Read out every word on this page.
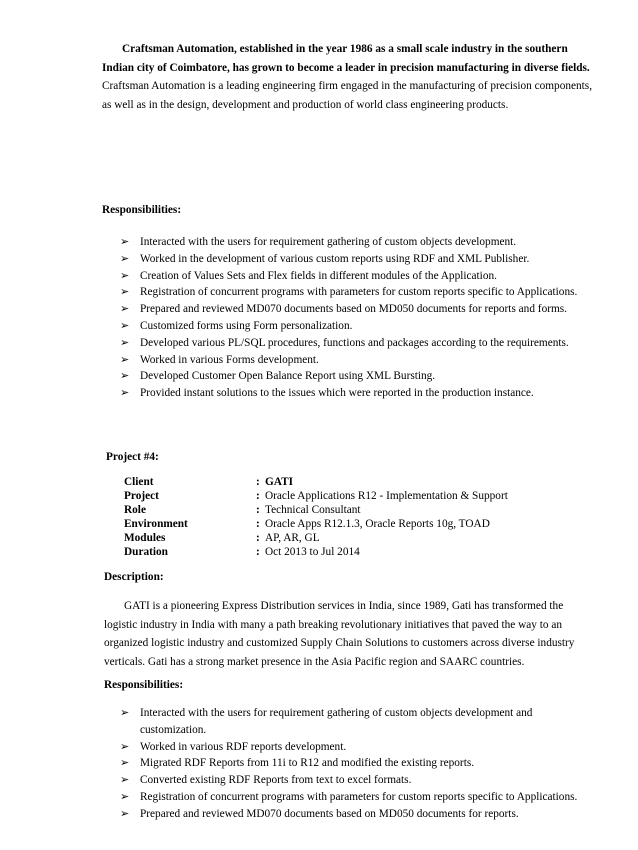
Craftsman Automation, established in the year 1986 as a small scale industry in the southern Indian city of Coimbatore, has grown to become a leader in precision manufacturing in diverse fields. Craftsman Automation is a leading engineering firm engaged in the manufacturing of precision components, as well as in the design, development and production of world class engineering products.

Responsibilities:

➢ Interacted with the users for requirement gathering of custom objects development.
➢ Worked in the development of various custom reports using RDF and XML Publisher.
➢ Creation of Values Sets and Flex fields in different modules of the Application.
➢ Registration of concurrent programs with parameters for custom reports specific to Applications.
➢ Prepared and reviewed MD070 documents based on MD050 documents for reports and forms.
➢ Customized forms using Form personalization.
➢ Developed various PL/SQL procedures, functions and packages according to the requirements.
➢ Worked in various Forms development.
➢ Developed Customer Open Balance Report using XML Bursting.
➢ Provided instant solutions to the issues which were reported in the production instance.

Project #4:

Client	:	GATI
Project	:	Oracle Applications R12 - Implementation & Support
Role	:	Technical Consultant
Environment	:	Oracle Apps R12.1.3, Oracle Reports 10g, TOAD
Modules	:	AP, AR, GL
Duration	:	Oct 2013 to Jul 2014

Description:

GATI is a pioneering Express Distribution services in India, since 1989, Gati has transformed the logistic industry in India with many a path breaking revolutionary initiatives that paved the way to an organized logistic industry and customized Supply Chain Solutions to customers across diverse industry verticals. Gati has a strong market presence in the Asia Pacific region and SAARC countries.

Responsibilities:

➢ Interacted with the users for requirement gathering of custom objects development and customization.
➢ Worked in various RDF reports development.
➢ Migrated RDF Reports from 11i to R12 and modified the existing reports.
➢ Converted existing RDF Reports from text to excel formats.
➢ Registration of concurrent programs with parameters for custom reports specific to Applications.
➢ Prepared and reviewed MD070 documents based on MD050 documents for reports.
